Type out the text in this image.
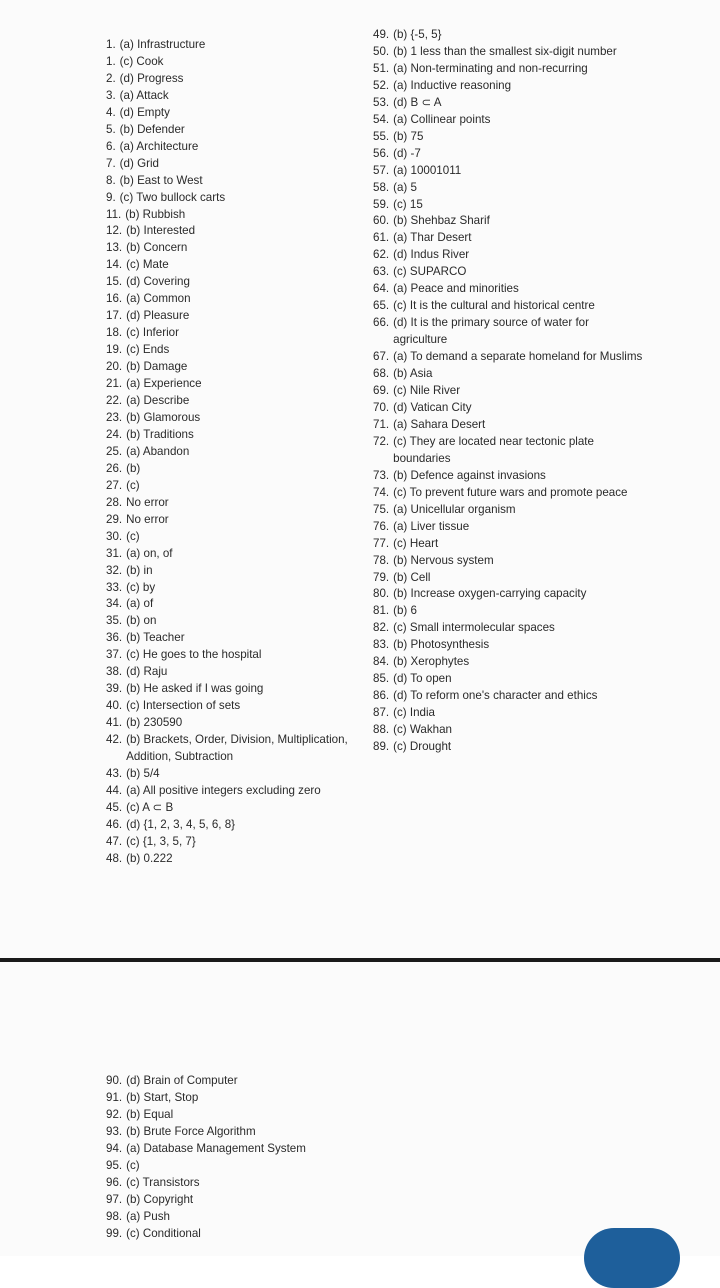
1. (a) Infrastructure
1. (c) Cook
2. (d) Progress
3. (a) Attack
4. (d) Empty
5. (b) Defender
6. (a) Architecture
7. (d) Grid
8. (b) East to West
9. (c) Two bullock carts
11. (b) Rubbish
12. (b) Interested
13. (b) Concern
14. (c) Mate
15. (d) Covering
16. (a) Common
17. (d) Pleasure
18. (c) Inferior
19. (c) Ends
20. (b) Damage
21. (a) Experience
22. (a) Describe
23. (b) Glamorous
24. (b) Traditions
25. (a) Abandon
26. (b)
27. (c)
28. No error
29. No error
30. (c)
31. (a) on, of
32. (b) in
33. (c) by
34. (a) of
35. (b) on
36. (b) Teacher
37. (c) He goes to the hospital
38. (d) Raju
39. (b) He asked if I was going
40. (c) Intersection of sets
41. (b) 230590
42. (b) Brackets, Order, Division, Multiplication, Addition, Subtraction
43. (b) 5/4
44. (a) All positive integers excluding zero
45. (c) A ⊂ B
46. (d) {1, 2, 3, 4, 5, 6, 8}
47. (c) {1, 3, 5, 7}
48. (b) 0.222
49. (b) {-5, 5}
50. (b) 1 less than the smallest six-digit number
51. (a) Non-terminating and non-recurring
52. (a) Inductive reasoning
53. (d) B ⊂ A
54. (a) Collinear points
55. (b) 75
56. (d) -7
57. (a) 10001011
58. (a) 5
59. (c) 15
60. (b) Shehbaz Sharif
61. (a) Thar Desert
62. (d) Indus River
63. (c) SUPARCO
64. (a) Peace and minorities
65. (c) It is the cultural and historical centre
66. (d) It is the primary source of water for agriculture
67. (a) To demand a separate homeland for Muslims
68. (b) Asia
69. (c) Nile River
70. (d) Vatican City
71. (a) Sahara Desert
72. (c) They are located near tectonic plate boundaries
73. (b) Defence against invasions
74. (c) To prevent future wars and promote peace
75. (a) Unicellular organism
76. (a) Liver tissue
77. (c) Heart
78. (b) Nervous system
79. (b) Cell
80. (b) Increase oxygen-carrying capacity
81. (b) 6
82. (c) Small intermolecular spaces
83. (b) Photosynthesis
84. (b) Xerophytes
85. (d) To open
86. (d) To reform one's character and ethics
87. (c) India
88. (c) Wakhan
89. (c) Drought
90. (d) Brain of Computer
91. (b) Start, Stop
92. (b) Equal
93. (b) Brute Force Algorithm
94. (a) Database Management System
95. (c)
96. (c) Transistors
97. (b) Copyright
98. (a) Push
99. (c) Conditional
